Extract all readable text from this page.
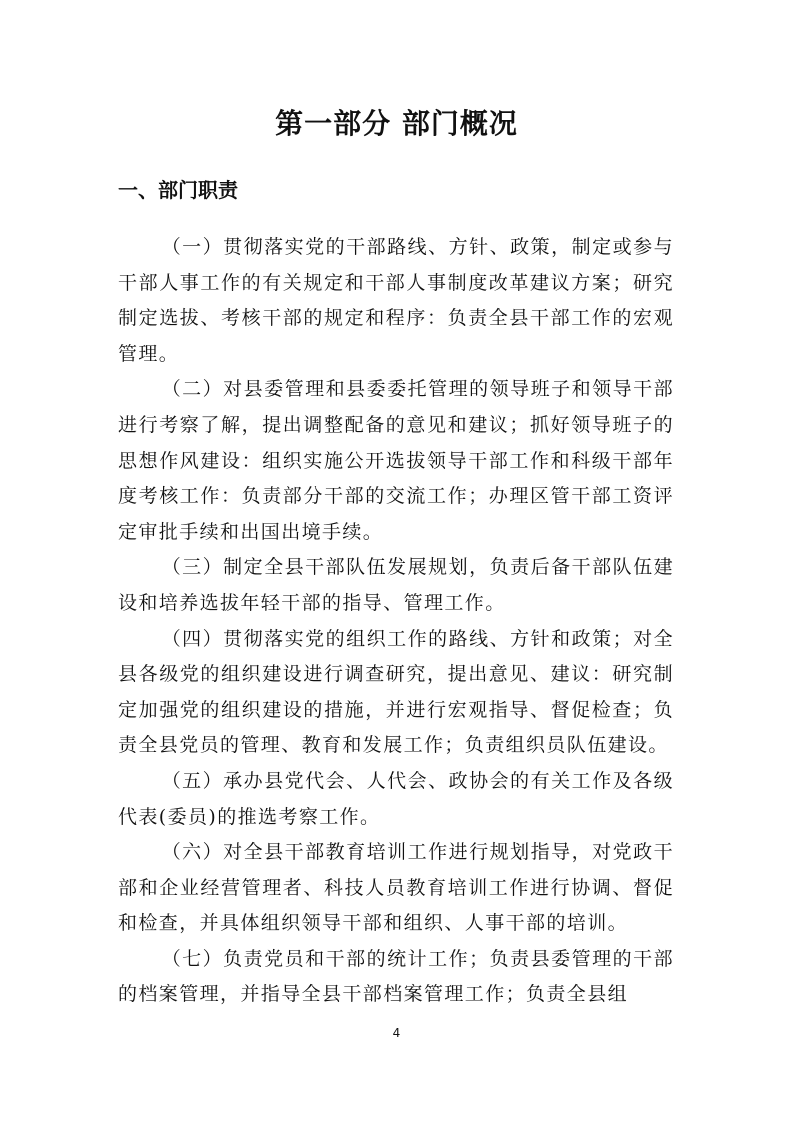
第一部分 部门概况
一、部门职责

（一）贯彻落实党的干部路线、方针、政策，制定或参与干部人事工作的有关规定和干部人事制度改革建议方案；研究制定选拔、考核干部的规定和程序：负责全县干部工作的宏观管理。

（二）对县委管理和县委委托管理的领导班子和领导干部进行考察了解，提出调整配备的意见和建议；抓好领导班子的思想作风建设：组织实施公开选拔领导干部工作和科级干部年度考核工作：负责部分干部的交流工作；办理区管干部工资评定审批手续和出国出境手续。

（三）制定全县干部队伍发展规划，负责后备干部队伍建设和培养选拔年轻干部的指导、管理工作。

（四）贯彻落实党的组织工作的路线、方针和政策；对全县各级党的组织建设进行调查研究，提出意见、建议：研究制定加强党的组织建设的措施，并进行宏观指导、督促检查；负责全县党员的管理、教育和发展工作；负责组织员队伍建设。

（五）承办县党代会、人代会、政协会的有关工作及各级代表(委员)的推选考察工作。

（六）对全县干部教育培训工作进行规划指导，对党政干部和企业经营管理者、科技人员教育培训工作进行协调、督促和检查，并具体组织领导干部和组织、人事干部的培训。

（七）负责党员和干部的统计工作；负责县委管理的干部的档案管理，并指导全县干部档案管理工作；负责全县组

4
